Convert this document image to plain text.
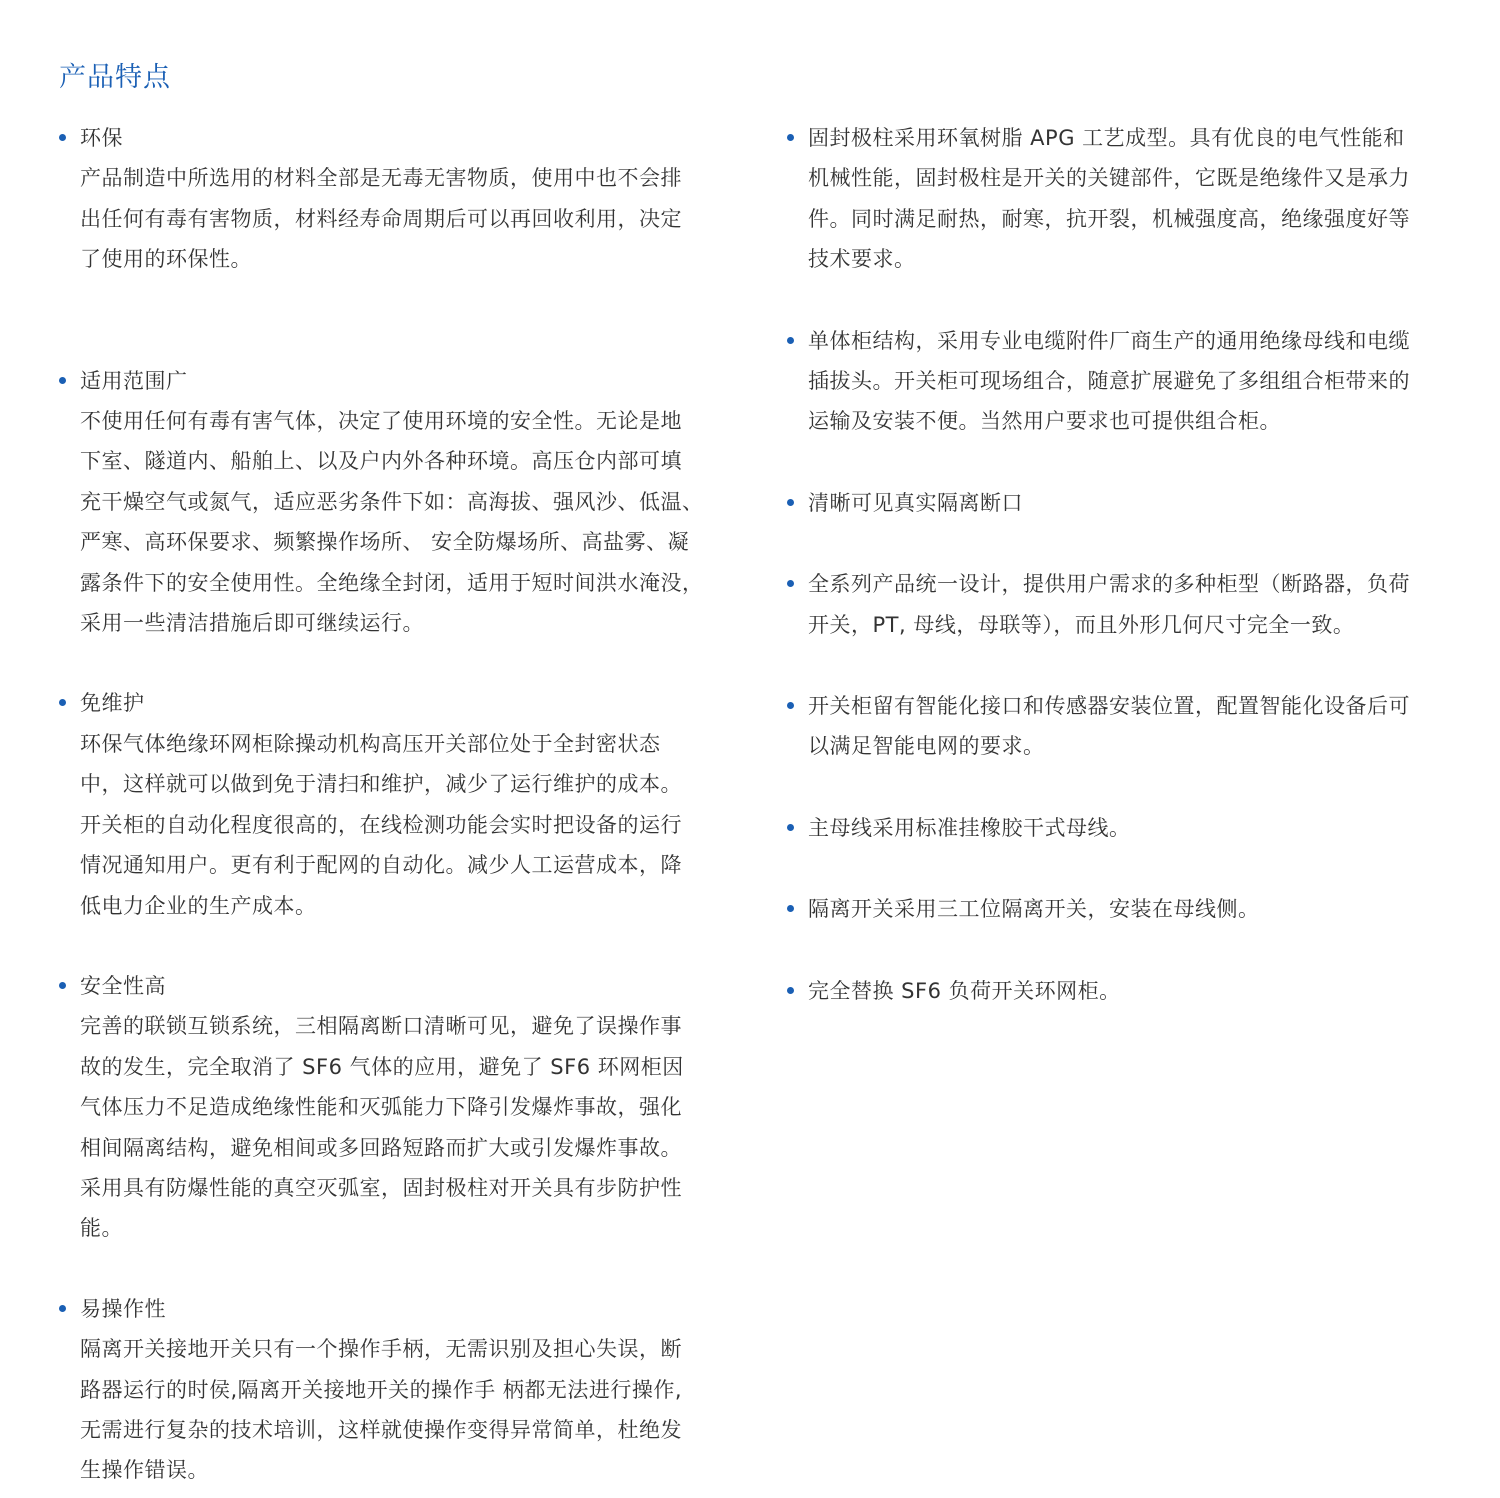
产品特点

环保

产品制造中所选用的材料全部是无毒无害物质，使用中也不会排
出任何有毒有害物质，材料经寿命周期后可以再回收利用，决定
了使用的环保性。

适用范围广

不使用任何有毒有害气体，决定了使用环境的安全性。无论是地
下室、隧道内、船舶上、以及户内外各种环境。高压仓内部可填
充干燥空气或氮气，适应恶劣条件下如：高海拔、强风沙、低温、
严寒、高环保要求、频繁操作场所、 安全防爆场所、高盐雾、凝
露条件下的安全使用性。全绝缘全封闭，适用于短时间洪水淹没，
采用一些清洁措施后即可继续运行。

免维护

环保气体绝缘环网柜除操动机构高压开关部位处于全封密状态
中，这样就可以做到免于清扫和维护，减少了运行维护的成本。
开关柜的自动化程度很高的，在线检测功能会实时把设备的运行
情况通知用户。更有利于配网的自动化。减少人工运营成本，降
低电力企业的生产成本。

安全性高

完善的联锁互锁系统，三相隔离断口清晰可见，避免了误操作事
故的发生，完全取消了 SF6 气体的应用，避免了 SF6 环网柜因
气体压力不足造成绝缘性能和灭弧能力下降引发爆炸事故，强化
相间隔离结构，避免相间或多回路短路而扩大或引发爆炸事故。
采用具有防爆性能的真空灭弧室，固封极柱对开关具有步防护性
能。

易操作性

隔离开关接地开关只有一个操作手柄，无需识别及担心失误，断
路器运行的时侯,隔离开关接地开关的操作手 柄都无法进行操作,
无需进行复杂的技术培训，这样就使操作变得异常简单，杜绝发
生操作错误。

固封极柱采用环氧树脂 APG 工艺成型。具有优良的电气性能和
机械性能，固封极柱是开关的关键部件，它既是绝缘件又是承力
件。同时满足耐热，耐寒，抗开裂，机械强度高，绝缘强度好等
技术要求。

单体柜结构，采用专业电缆附件厂商生产的通用绝缘母线和电缆
插拔头。开关柜可现场组合，随意扩展避免了多组组合柜带来的
运输及安装不便。当然用户要求也可提供组合柜。

清晰可见真实隔离断口

全系列产品统一设计，提供用户需求的多种柜型（断路器，负荷
开关，PT, 母线，母联等），而且外形几何尺寸完全一致。

开关柜留有智能化接口和传感器安装位置，配置智能化设备后可
以满足智能电网的要求。

主母线采用标准挂橡胶干式母线。

隔离开关采用三工位隔离开关，安装在母线侧。

完全替换 SF6 负荷开关环网柜。
